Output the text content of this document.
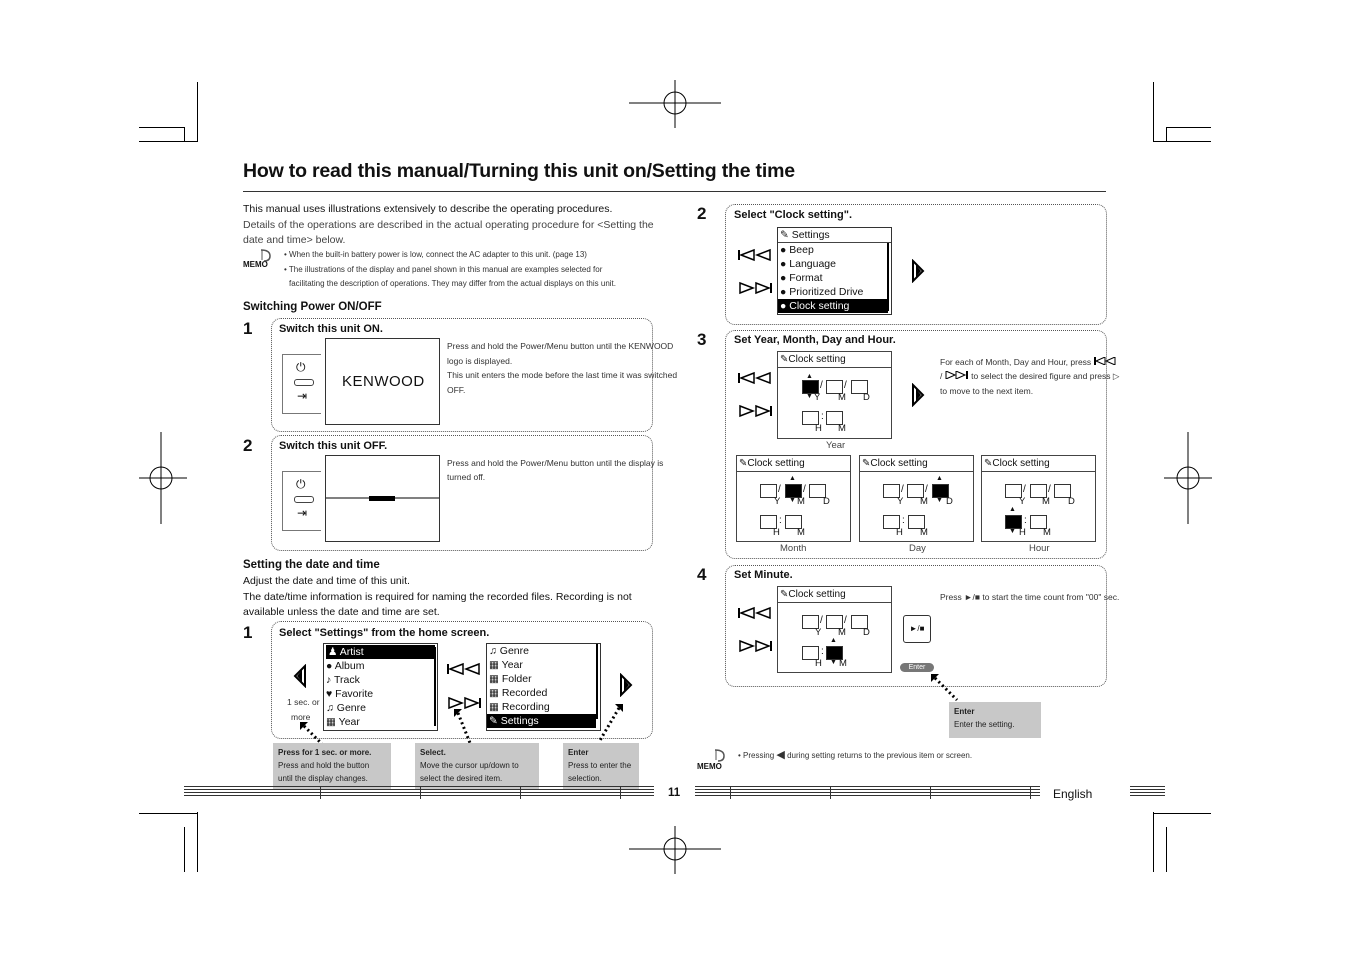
How to read this manual/Turning this unit on/Setting the time
This manual uses illustrations extensively to describe the operating procedures.
Details of the operations are described in the actual operating procedure for <Setting the
date and time> below.
MEMO
• When the built-in battery power is low, connect the AC adapter to this unit. (page 13)
• The illustrations of the display and panel shown in this manual are examples selected for
facilitating the description of operations. They may differ from the actual displays on this unit.
Switching Power ON/OFF
1 Switch this unit ON.
⏻
⇥
KENWOOD
Press and hold the Power/Menu button until the KENWOOD
logo is displayed.
This unit enters the mode before the last time it was switched
OFF.
2 Switch this unit OFF.
⏻
⇥
Press and hold the Power/Menu button until the display is
turned off.
Setting the date and time
Adjust the date and time of this unit.
The date/time information is required for naming the recorded files. Recording is not
available unless the date and time are set.
1 Select "Settings" from the home screen.
1 sec. or
more
♟ Artist
● Album
♪ Track
♥ Favorite
♫ Genre
▦ Year
♫ Genre
▦ Year
▦ Folder
▦ Recorded
▦ Recording
✎ Settings
Press for 1 sec. or more.
Press and hold the button
until the display changes.
Select.
Move the cursor up/down to
select the desired item.
Enter
Press to enter the
selection.
2	Select "Clock setting".
✎ Settings
● Beep
● Language
● Format
● Prioritized Drive
● Clock setting
3	Set Year, Month, Day and Hour.
✎Clock setting
/ /
▲
▼ Y M D
:
H M
Year
For each of Month, Day and Hour, press
/	to select the desired figure and press ▷
to move to the next item.
✎Clock setting
/ /
▲
▼
Y M D
:
H M
Month
✎Clock setting
/ /
▲
▼
Y M D
:
H M
Day
✎Clock setting
/ /
Y M D
▲
▼
:
H M
Hour
4	Set Minute.
✎Clock setting
/ /
Y M D
:
▲
▼
H M
►/■
Enter
Press ►/■ to start the time count from "00" sec.
Enter
Enter the setting.
MEMO
• Pressing ◀ during setting returns to the previous item or screen.
11	English
